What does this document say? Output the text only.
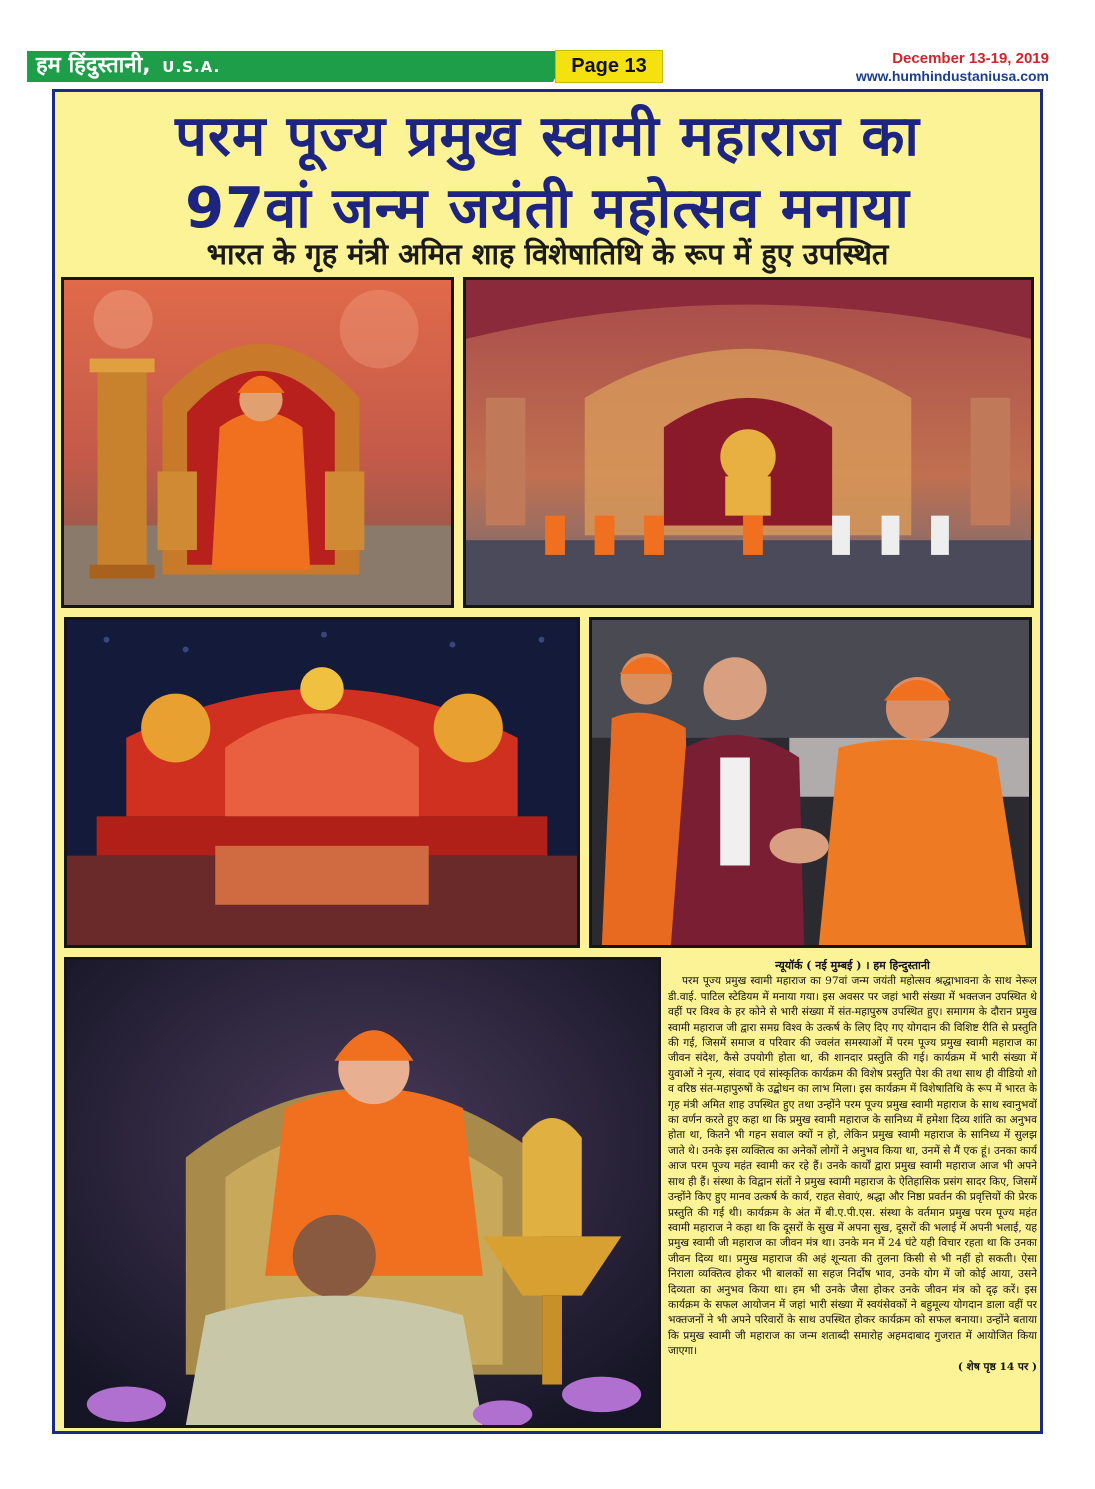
हम हिंदुस्तानी, U.S.A.	Page 13	December 13-19, 2019
www.humhindustaniusa.com
परम पूज्य प्रमुख स्वामी महाराज का
97वां जन्म जयंती महोत्सव मनाया
भारत के गृह मंत्री अमित शाह विशेषातिथि के रूप में हुए उपस्थित
न्यूयॉर्क ( नई मुम्बई ) । हम हिन्दुस्तानी
परम पूज्य प्रमुख स्वामी महाराज का 97वां जन्म जयंती महोत्सव श्रद्धाभावना के साथ नेरूल डी.वाई. पाटिल स्टेडियम में मनाया गया। इस अवसर पर जहां भारी संख्या में भक्तजन उपस्थित थे वहीं पर विश्व के हर कोने से भारी संख्या में संत-महापुरुष उपस्थित हुए। समागम के दौरान प्रमुख स्वामी महाराज जी द्वारा समग्र विश्व के उत्कर्ष के लिए दिए गए योगदान की विशिष्ट रीति से प्रस्तुति की गई, जिसमें समाज व परिवार की ज्वलंत समस्याओं में परम पूज्य प्रमुख स्वामी महाराज का जीवन संदेश, कैसे उपयोगी होता था, की शानदार प्रस्तुति की गई। कार्यक्रम में भारी संख्या में युवाओं ने नृत्य, संवाद एवं सांस्कृतिक कार्यक्रम की विशेष प्रस्तुति पेश की तथा साथ ही वीडियो शो व वरिष्ठ संत-महापुरुषों के उद्बोधन का लाभ मिला। इस कार्यक्रम में विशेषातिथि के रूप में भारत के गृह मंत्री अमित शाह उपस्थित हुए तथा उन्होंने परम पूज्य प्रमुख स्वामी महाराज के साथ स्वानुभवों का वर्णन करते हुए कहा था कि प्रमुख स्वामी महाराज के सानिध्य में हमेशा दिव्य शांति का अनुभव होता था, कितने भी गहन सवाल क्यों न हो, लेकिन प्रमुख स्वामी महाराज के सानिध्य में सुलझ जाते थे। उनके इस व्यक्तित्व का अनेकों लोगों ने अनुभव किया था, उनमें से मैं एक हूं। उनका कार्य आज परम पूज्य महंत स्वामी कर रहे हैं। उनके कार्यों द्वारा प्रमुख स्वामी महाराज आज भी अपने साथ ही हैं। संस्था के विद्वान संतों ने प्रमुख स्वामी महाराज के ऐतिहासिक प्रसंग सादर किए, जिसमें उन्होंने किए हुए मानव उत्कर्ष के कार्य, राहत सेवाएं, श्रद्धा और निष्ठा प्रवर्तन की प्रवृत्तियों की प्रेरक प्रस्तुति की गई थी। कार्यक्रम के अंत में बी.ए.पी.एस. संस्था के वर्तमान प्रमुख परम पूज्य महंत स्वामी महाराज ने कहा था कि दूसरों के सुख में अपना सुख, दूसरों की भलाई में अपनी भलाई, यह प्रमुख स्वामी जी महाराज का जीवन मंत्र था। उनके मन में 24 घंटे यही विचार रहता था कि उनका जीवन दिव्य था। प्रमुख महाराज की अहं शून्यता की तुलना किसी से भी नहीं हो सकती। ऐसा निराला व्यक्तित्व होकर भी बालकों सा सहज निर्दोष भाव, उनके योग में जो कोई आया, उसने दिव्यता का अनुभव किया था। हम भी उनके जैसा होकर उनके जीवन मंत्र को दृढ़ करें। इस कार्यक्रम के सफल आयोजन में जहां भारी संख्या में स्वयंसेवकों ने बहुमूल्य योगदान डाला वहीं पर भक्तजनों ने भी अपने परिवारों के साथ उपस्थित होकर कार्यक्रम को सफल बनाया। उन्होंने बताया कि प्रमुख स्वामी जी महाराज का जन्म शताब्दी समारोह अहमदाबाद गुजरात में आयोजित किया जाएगा।
( शेष पृष्ठ 14 पर )
